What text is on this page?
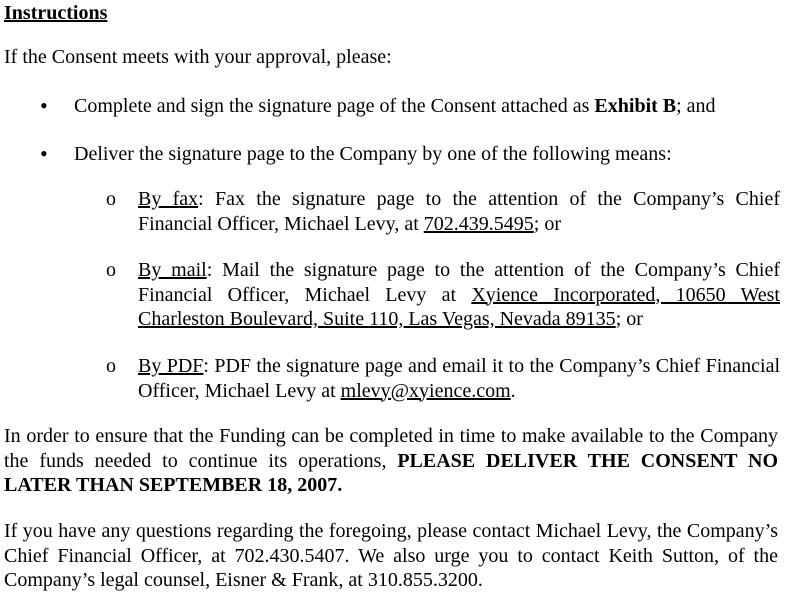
Instructions
If the Consent meets with your approval, please:
• Complete and sign the signature page of the Consent attached as Exhibit B; and
• Deliver the signature page to the Company by one of the following means:
o By fax: Fax the signature page to the attention of the Company’s Chief Financial Officer, Michael Levy, at 702.439.5495; or
o By mail: Mail the signature page to the attention of the Company’s Chief Financial Officer, Michael Levy at Xyience Incorporated, 10650 West Charleston Boulevard, Suite 110, Las Vegas, Nevada 89135; or
o By PDF: PDF the signature page and email it to the Company’s Chief Financial Officer, Michael Levy at mlevy@xyience.com.
In order to ensure that the Funding can be completed in time to make available to the Company the funds needed to continue its operations, PLEASE DELIVER THE CONSENT NO LATER THAN SEPTEMBER 18, 2007.
If you have any questions regarding the foregoing, please contact Michael Levy, the Company’s Chief Financial Officer, at 702.430.5407. We also urge you to contact Keith Sutton, of the Company’s legal counsel, Eisner & Frank, at 310.855.3200.
